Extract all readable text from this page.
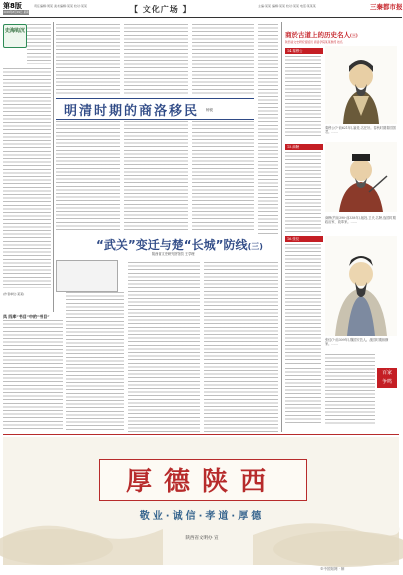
第8版
2016年8月29日 星期一
责任编辑:周某 美术编辑:某某 校对:某某	【 文化广场 】	主编:某某 编辑:某某 校对:某某 电话:某某某	三秦都市报
史海钩沉
(作者单位:某某)
明清时期的商洛移民 杨锐
“武关”变迁与楚“长城”防线(三)
陕西省文史研究馆馆员 王学理
凤 四库“书目”中的“书目”
商於古道上的历史名人(三)
陕西省文史研究馆馆员 商洛学院某某教授 姓名
14.秦穆公
秦穆公(?-前621年),嬴姓,名任好。春秋时期秦国国君。……
15.商鞅
商鞅(约前390-前338年),姬姓,卫氏,名鞅,战国时期政治家、改革家。……
16.张仪
张仪(?-前309年),魏国安邑人。战国时期纵横家。……
百家
争鸣
厚德陕西
敬业·诚信·孝道·厚德
陕西省文明办 宣
©中国知网 · 制
